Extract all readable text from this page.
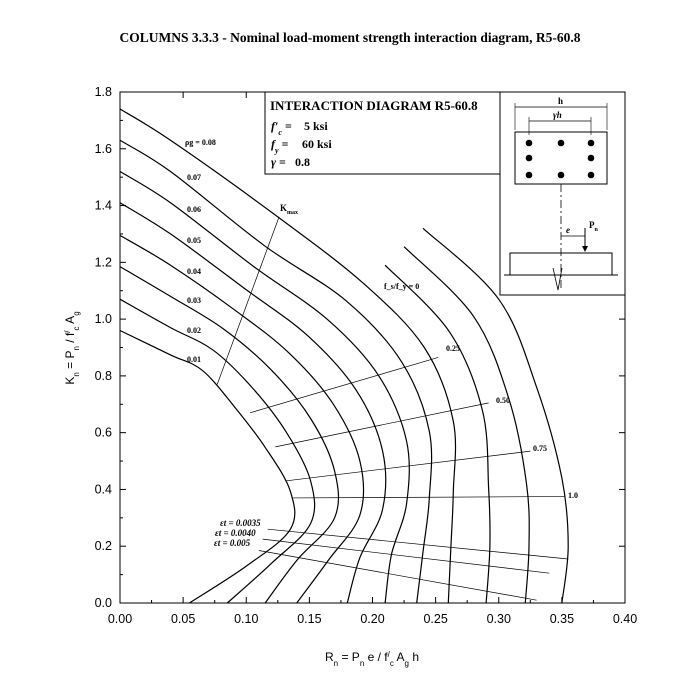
COLUMNS 3.3.3 - Nominal load-moment strength interaction diagram, R5-60.8
0.00	0.05	0.10	0.15	0.20	0.25	0.30	0.35	0.40
0.0
0.2
0.4
0.6
0.8
1.0
1.2
1.4
1.6
1.8
ρg = 0.08
0.07
0.06
0.05
0.04
0.03
0.02
0.01
$K_{max}$
f_s/f_y = 0
0.25
0.50
0.75
1.0
εt = 0.0035
εt = 0.0040
εt = 0.005
INTERACTION DIAGRAM R5-60.8
$f'_c = 5$ ksi
$f_y = 60$ ksi
γ = 0.8
h
γh
e $P_n$
$R_n = P_n$ e / $f^/_c$ $A_g$ h
$K_n = P_n / f^/_c$ $A_g$
